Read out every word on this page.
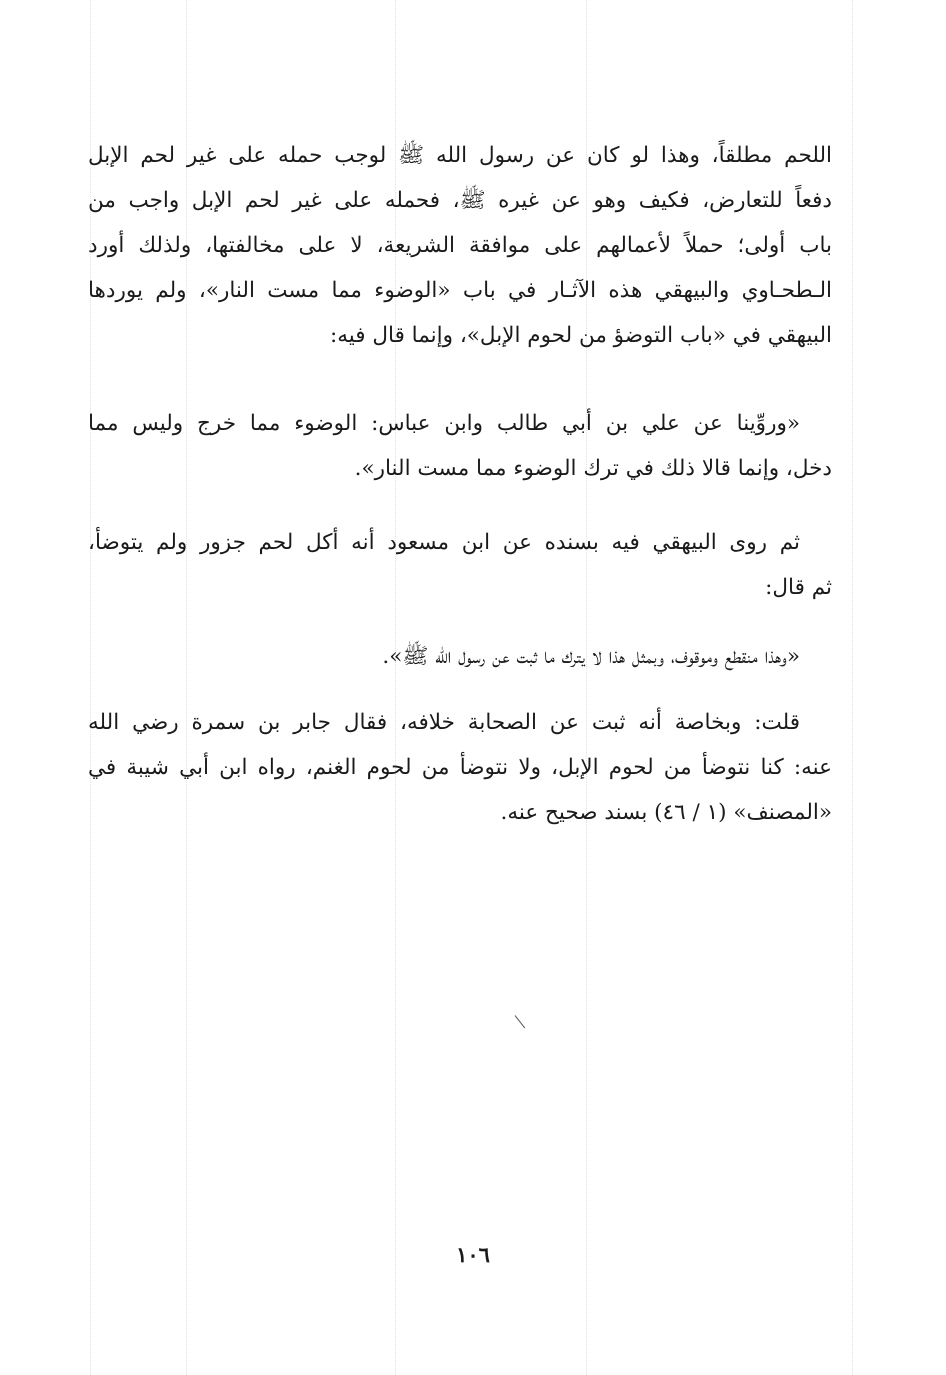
اللحم مطلقاً، وهذا لو كان عن رسول الله ﷺ لوجب حمله على غير لحم الإبل
دفعاً للتعارض، فكيف وهو عن غيره ﷺ، فحمله على غير لحم الإبل واجب من
باب أولى؛ حملاً لأعمالهم على موافقة الشريعة، لا على مخالفتها، ولذلك أورد
الـطحـاوي والبيهقي هذه الآثـار في باب «الوضوء مما مست النار»، ولم يوردها
البيهقي في «باب التوضؤ من لحوم الإبل»، وإنما قال فيه:
«وروِّينا عن علي بن أبي طالب وابن عباس: الوضوء مما خرج وليس مما
دخل، وإنما قالا ذلك في ترك الوضوء مما مست النار».
ثم روى البيهقي فيه بسنده عن ابن مسعود أنه أكل لحم جزور ولم يتوضأ،
ثم قال:
«وهذا منقطع وموقوف، وبمثل هذا لا يترك ما ثبت عن رسول الله ﷺ».
قلت: وبخاصة أنه ثبت عن الصحابة خلافه، فقال جابر بن سمرة رضي الله
عنه: كنا نتوضأ من لحوم الإبل، ولا نتوضأ من لحوم الغنم، رواه ابن أبي شيبة في
«المصنف» (١ / ٤٦) بسند صحيح عنه.
١٠٦
